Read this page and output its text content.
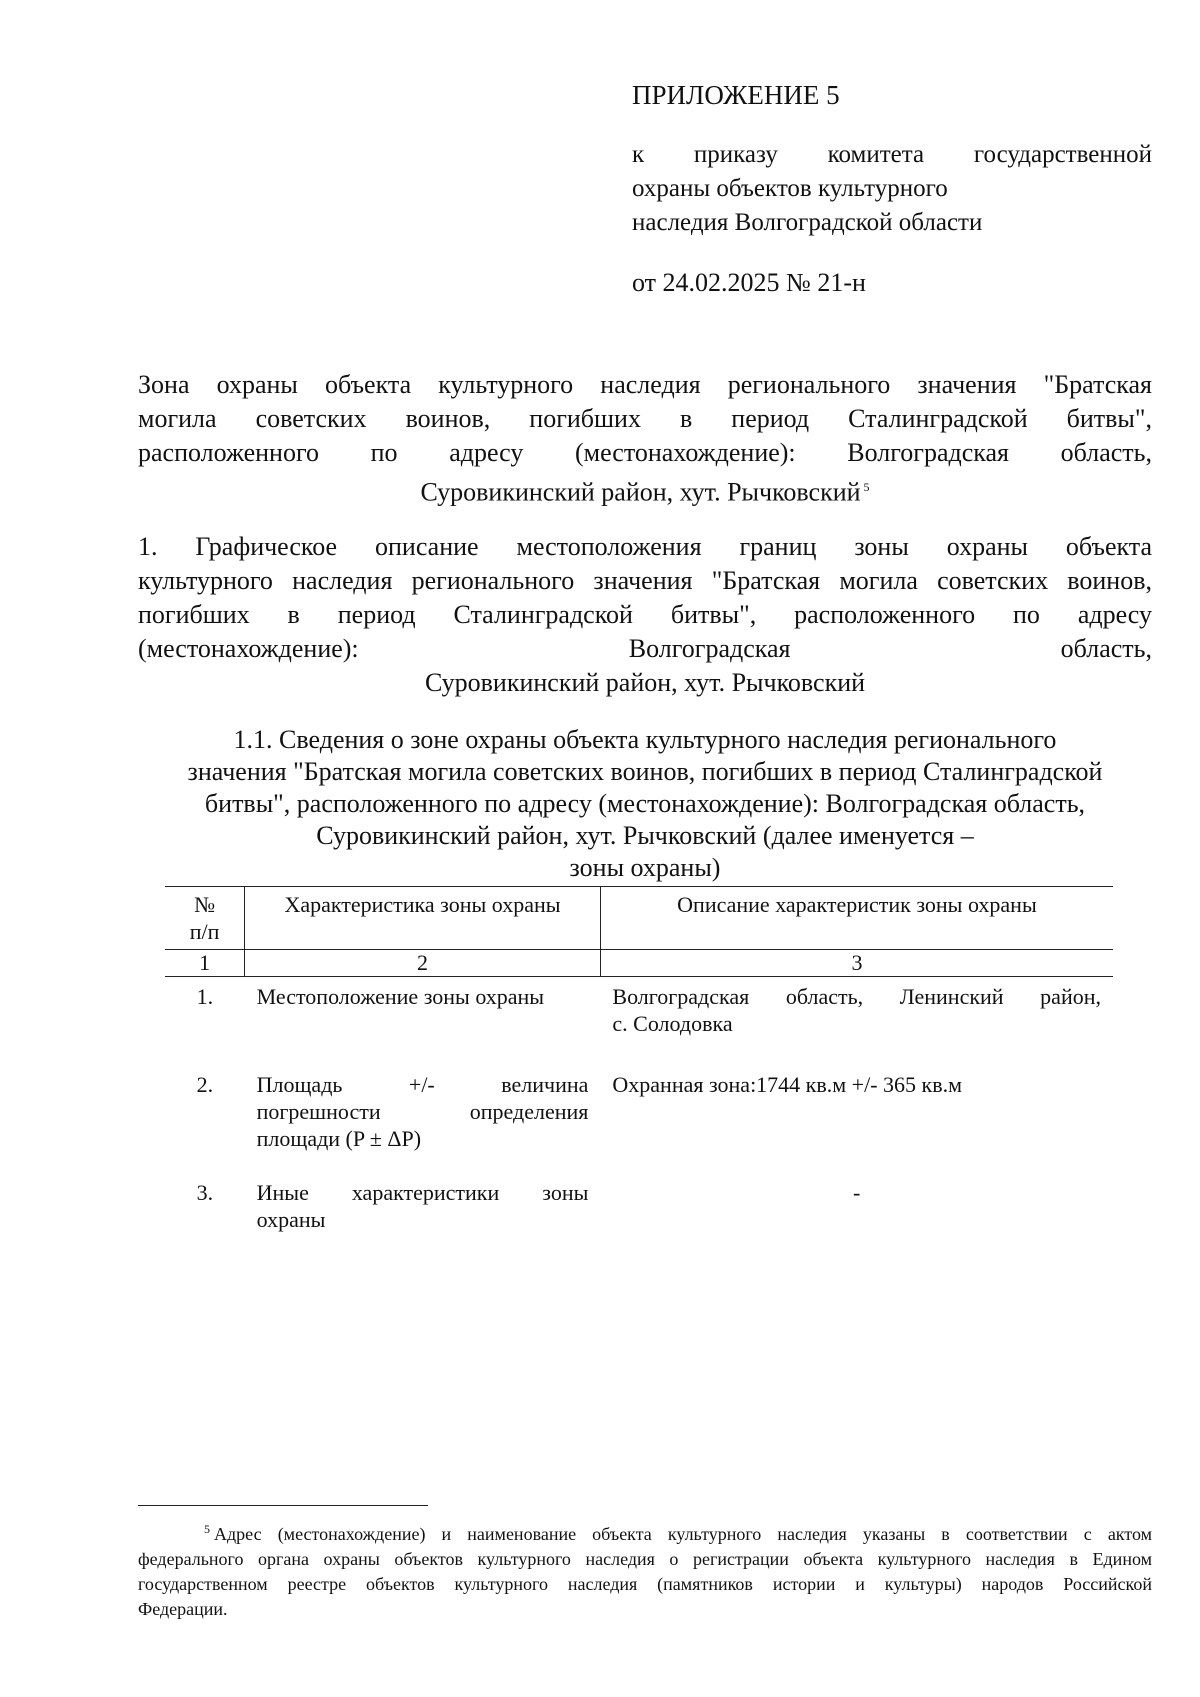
ПРИЛОЖЕНИЕ 5
к приказу комитета государственной
охраны объектов культурного
наследия Волгоградской области
от 24.02.2025 № 21-н
Зона охраны объекта культурного наследия регионального значения "Братская
могила советских воинов, погибших в период Сталинградской битвы",
расположенного по адресу (местонахождение): Волгоградская область,
Суровикинский район, хут. Рычковский $^5$
1. Графическое описание местоположения границ зоны охраны объекта
культурного наследия регионального значения "Братская могила советских воинов,
погибших в период Сталинградской битвы", расположенного по адресу
(местонахождение): Волгоградская область,
Суровикинский район, хут. Рычковский
1.1. Сведения о зоне охраны объекта культурного наследия регионального
значения "Братская могила советских воинов, погибших в период Сталинградской
битвы", расположенного по адресу (местонахождение): Волгоградская область,
Суровикинский район, хут. Рычковский (далее именуется –
зоны охраны)
№
п/п	Характеристика зоны охраны	Описание характеристик зоны охраны
1	2	3
1.	Местоположение зоны охраны	Волгоградская область, Ленинский район,
с. Солодовка

2.	Площадь +/- величина
погрешности определения
площади (P ± ΔP)	Охранная зона:1744 кв.м +/- 365 кв.м

3.	Иные характеристики зоны
охраны	-
$^5$ Адрес (местонахождение) и наименование объекта культурного наследия указаны в соответствии с актом
федерального органа охраны объектов культурного наследия о регистрации объекта культурного наследия в Едином
государственном реестре объектов культурного наследия (памятников истории и культуры) народов Российской
Федерации.
